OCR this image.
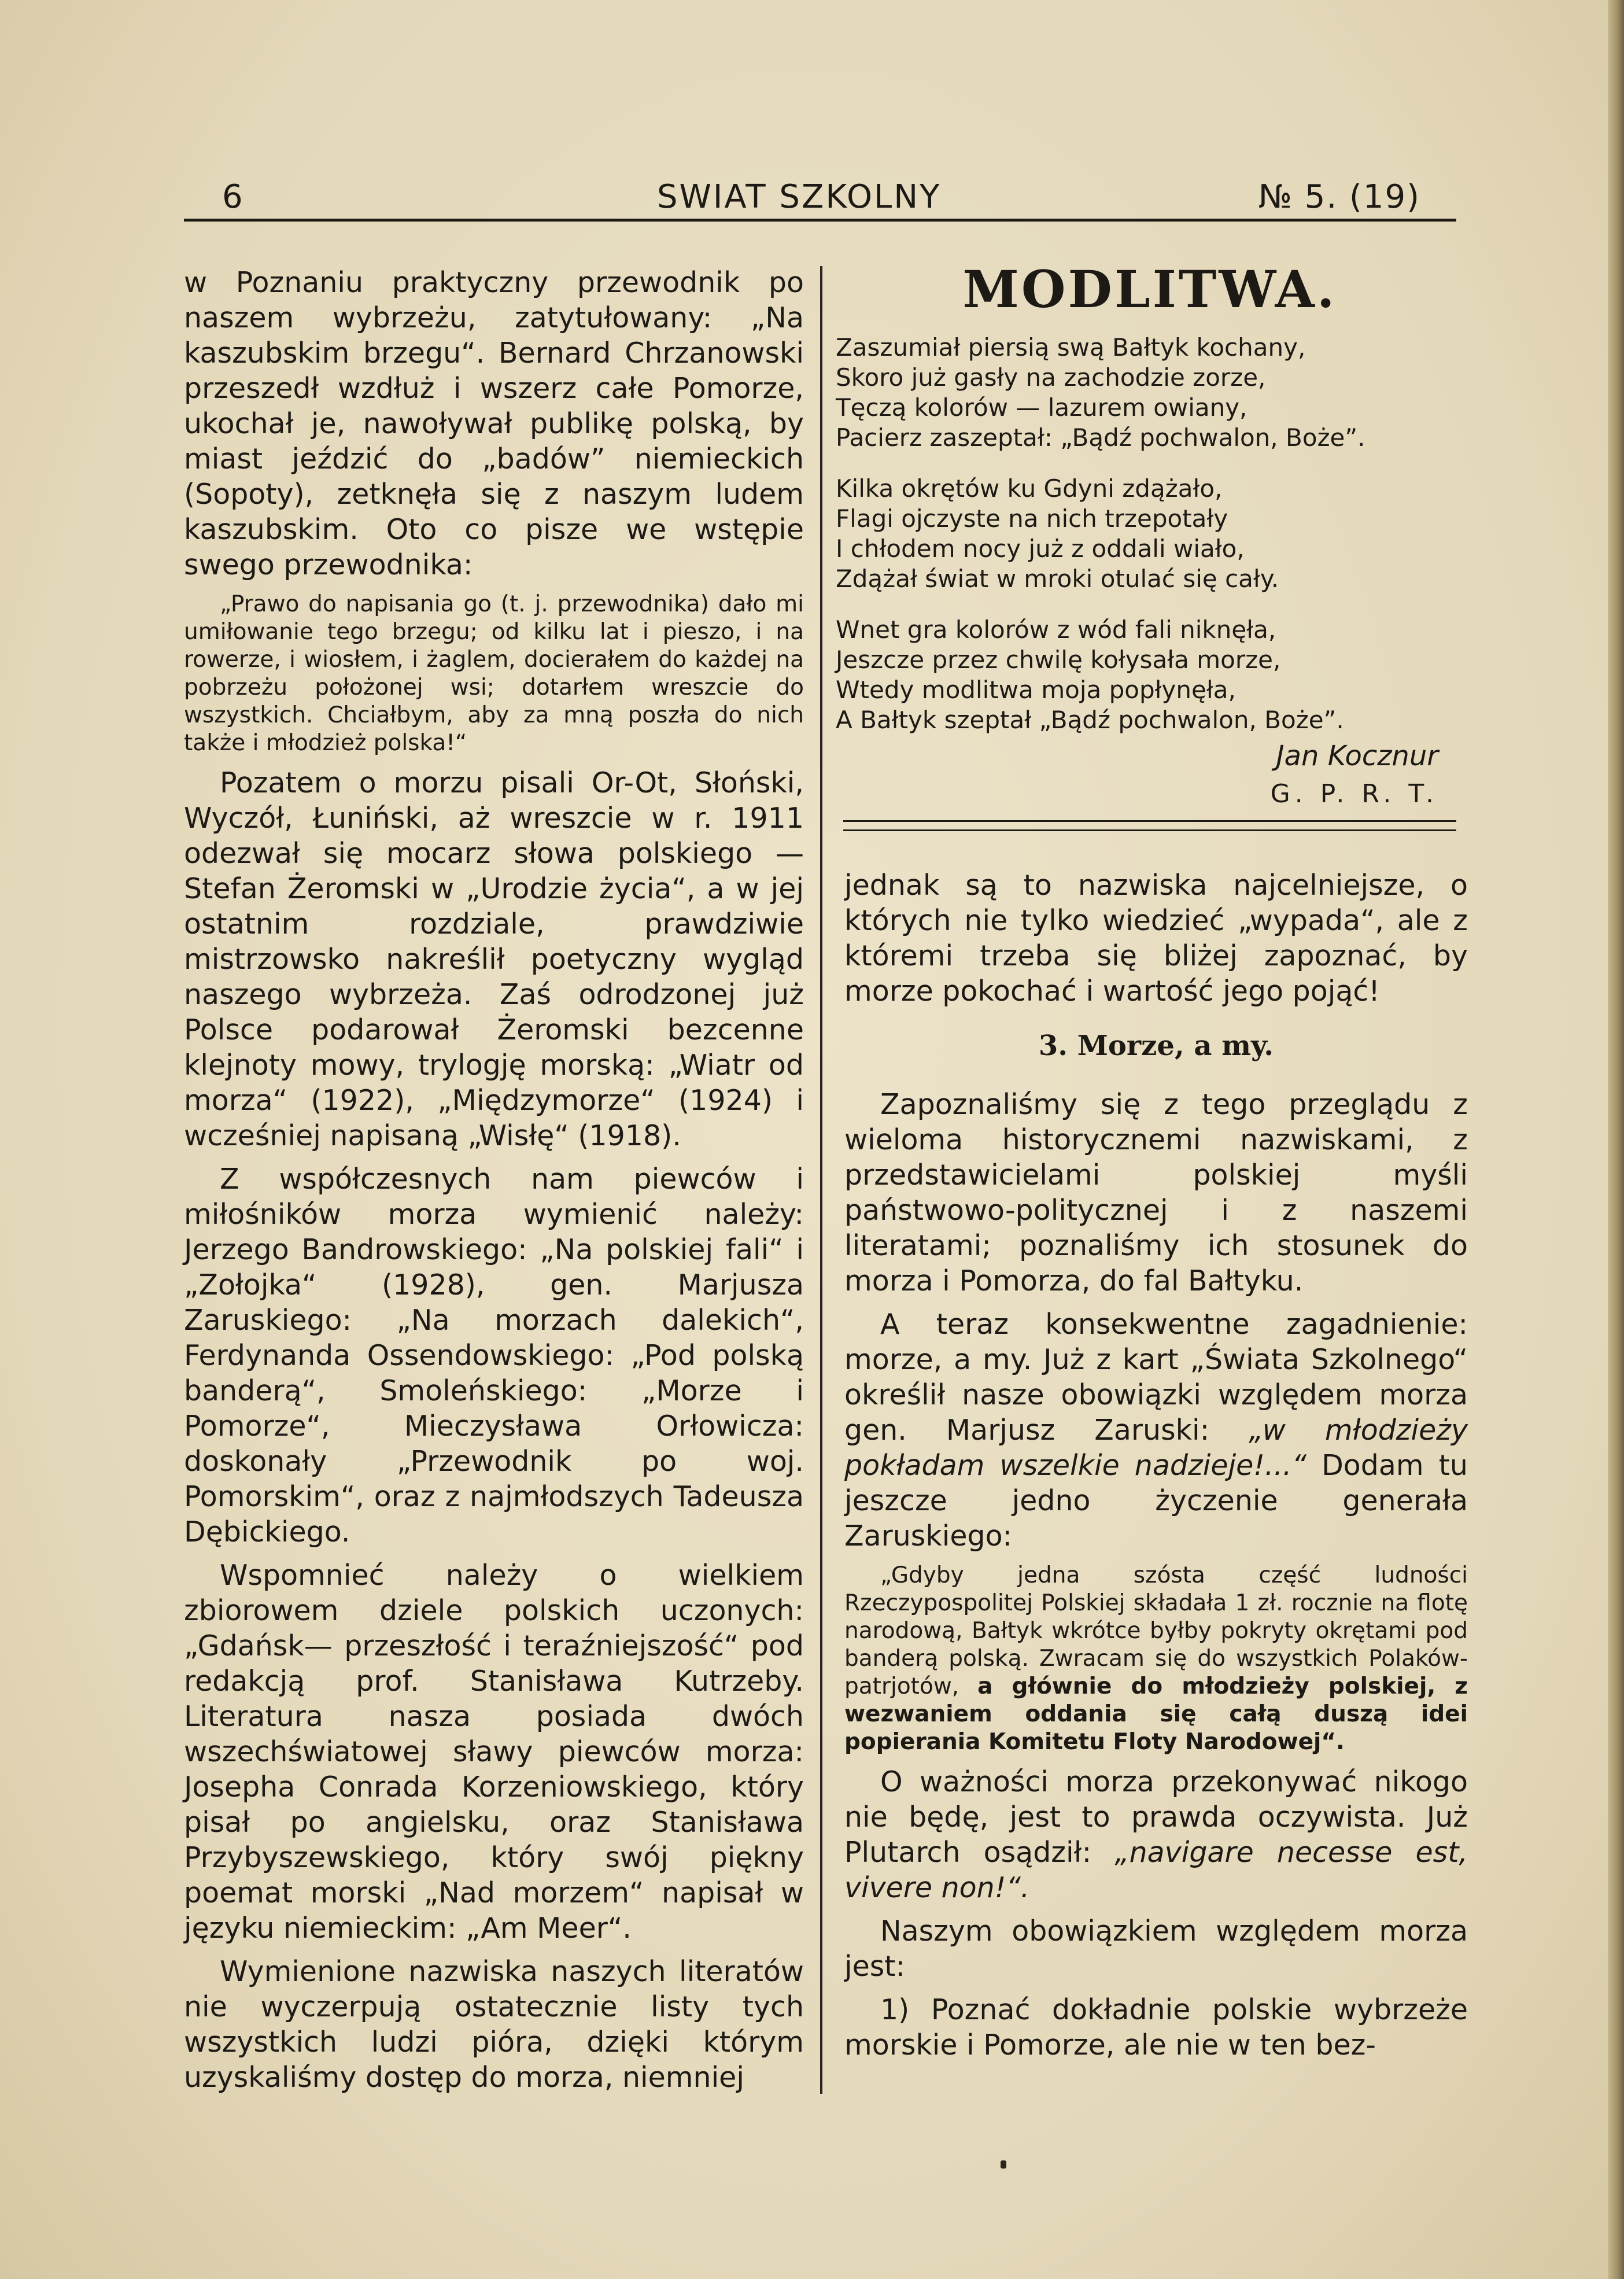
6	SWIAT SZKOLNY	№ 5. (19)

w Poznaniu praktyczny przewodnik po naszem wybrzeżu, zatytułowany: „Na kaszubskim brzegu“. Bernard Chrzanowski przeszedł wzdłuż i wszerz całe Pomorze, ukochał je, nawoływał publikę polską, by miast jeździć do „badów” niemieckich (Sopoty), zetknęła się z naszym ludem kaszubskim. Oto co pisze we wstępie swego przewodnika:

„Prawo do napisania go (t. j. przewodnika) dało mi umiłowanie tego brzegu; od kilku lat i pieszo, i na rowerze, i wiosłem, i żaglem, docierałem do każdej na pobrzeżu położonej wsi; dotarłem wreszcie do wszystkich. Chciałbym, aby za mną poszła do nich także i młodzież polska!“

Pozatem o morzu pisali Or-Ot, Słoński, Wyczół, Łuniński, aż wreszcie w r. 1911 odezwał się mocarz słowa polskiego — Stefan Żeromski w „Urodzie życia“, a w jej ostatnim rozdziale, prawdziwie mistrzowsko nakreślił poetyczny wygląd naszego wybrzeża. Zaś odrodzonej już Polsce podarował Żeromski bezcenne klejnoty mowy, trylogję morską: „Wiatr od morza“ (1922), „Międzymorze“ (1924) i wcześniej napisaną „Wisłę“ (1918).

Z współczesnych nam piewców i miłośników morza wymienić należy: Jerzego Bandrowskiego: „Na polskiej fali“ i „Zołojka“ (1928), gen. Marjusza Zaruskiego: „Na morzach dalekich“, Ferdynanda Ossendowskiego: „Pod polską banderą“, Smoleńskiego: „Morze i Pomorze“, Mieczysława Orłowicza: doskonały „Przewodnik po woj. Pomorskim“, oraz z najmłodszych Tadeusza Dębickiego.

Wspomnieć należy o wielkiem zbiorowem dziele polskich uczonych: „Gdańsk— przeszłość i teraźniejszość“ pod redakcją prof. Stanisława Kutrzeby. Literatura nasza posiada dwóch wszechświatowej sławy piewców morza: Josepha Conrada Korzeniowskiego, który pisał po angielsku, oraz Stanisława Przybyszewskiego, który swój piękny poemat morski „Nad morzem“ napisał w języku niemieckim: „Am Meer“.

Wymienione nazwiska naszych literatów nie wyczerpują ostatecznie listy tych wszystkich ludzi pióra, dzięki którym uzyskaliśmy dostęp do morza, niemniej

MODLITWA.
Zaszumiał piersią swą Bałtyk kochany,
Skoro już gasły na zachodzie zorze,
Tęczą kolorów — lazurem owiany,
Pacierz zaszeptał: „Bądź pochwalon, Boże”.
Kilka okrętów ku Gdyni zdążało,
Flagi ojczyste na nich trzepotały
I chłodem nocy już z oddali wiało,
Zdążał świat w mroki otulać się cały.
Wnet gra kolorów z wód fali niknęła,
Jeszcze przez chwilę kołysała morze,
Wtedy modlitwa moja popłynęła,
A Bałtyk szeptał „Bądź pochwalon, Boże”.
Jan Kocznur
G. P. R. T.

jednak są to nazwiska najcelniejsze, o których nie tylko wiedzieć „wypada“, ale z któremi trzeba się bliżej zapoznać, by morze pokochać i wartość jego pojąć!

3. Morze, a my.

Zapoznaliśmy się z tego przeglądu z wieloma historycznemi nazwiskami, z przedstawicielami polskiej myśli państwowo-politycznej i z naszemi literatami; poznaliśmy ich stosunek do morza i Pomorza, do fal Bałtyku.

A teraz konsekwentne zagadnienie: morze, a my. Już z kart „Świata Szkolnego“ określił nasze obowiązki względem morza gen. Marjusz Zaruski: „w młodzieży pokładam wszelkie nadzieje!...“ Dodam tu jeszcze jedno życzenie generała Zaruskiego:

„Gdyby jedna szósta część ludności Rzeczypospolitej Polskiej składała 1 zł. rocznie na flotę narodową, Bałtyk wkrótce byłby pokryty okrętami pod banderą polską. Zwracam się do wszystkich Polaków-patrjotów, a głównie do młodzieży polskiej, z wezwaniem oddania się całą duszą idei popierania Komitetu Floty Narodowej“.

O ważności morza przekonywać nikogo nie będę, jest to prawda oczywista. Już Plutarch osądził: „navigare necesse est, vivere non!“.

Naszym obowiązkiem względem morza jest:

1) Poznać dokładnie polskie wybrzeże morskie i Pomorze, ale nie w ten bez-
